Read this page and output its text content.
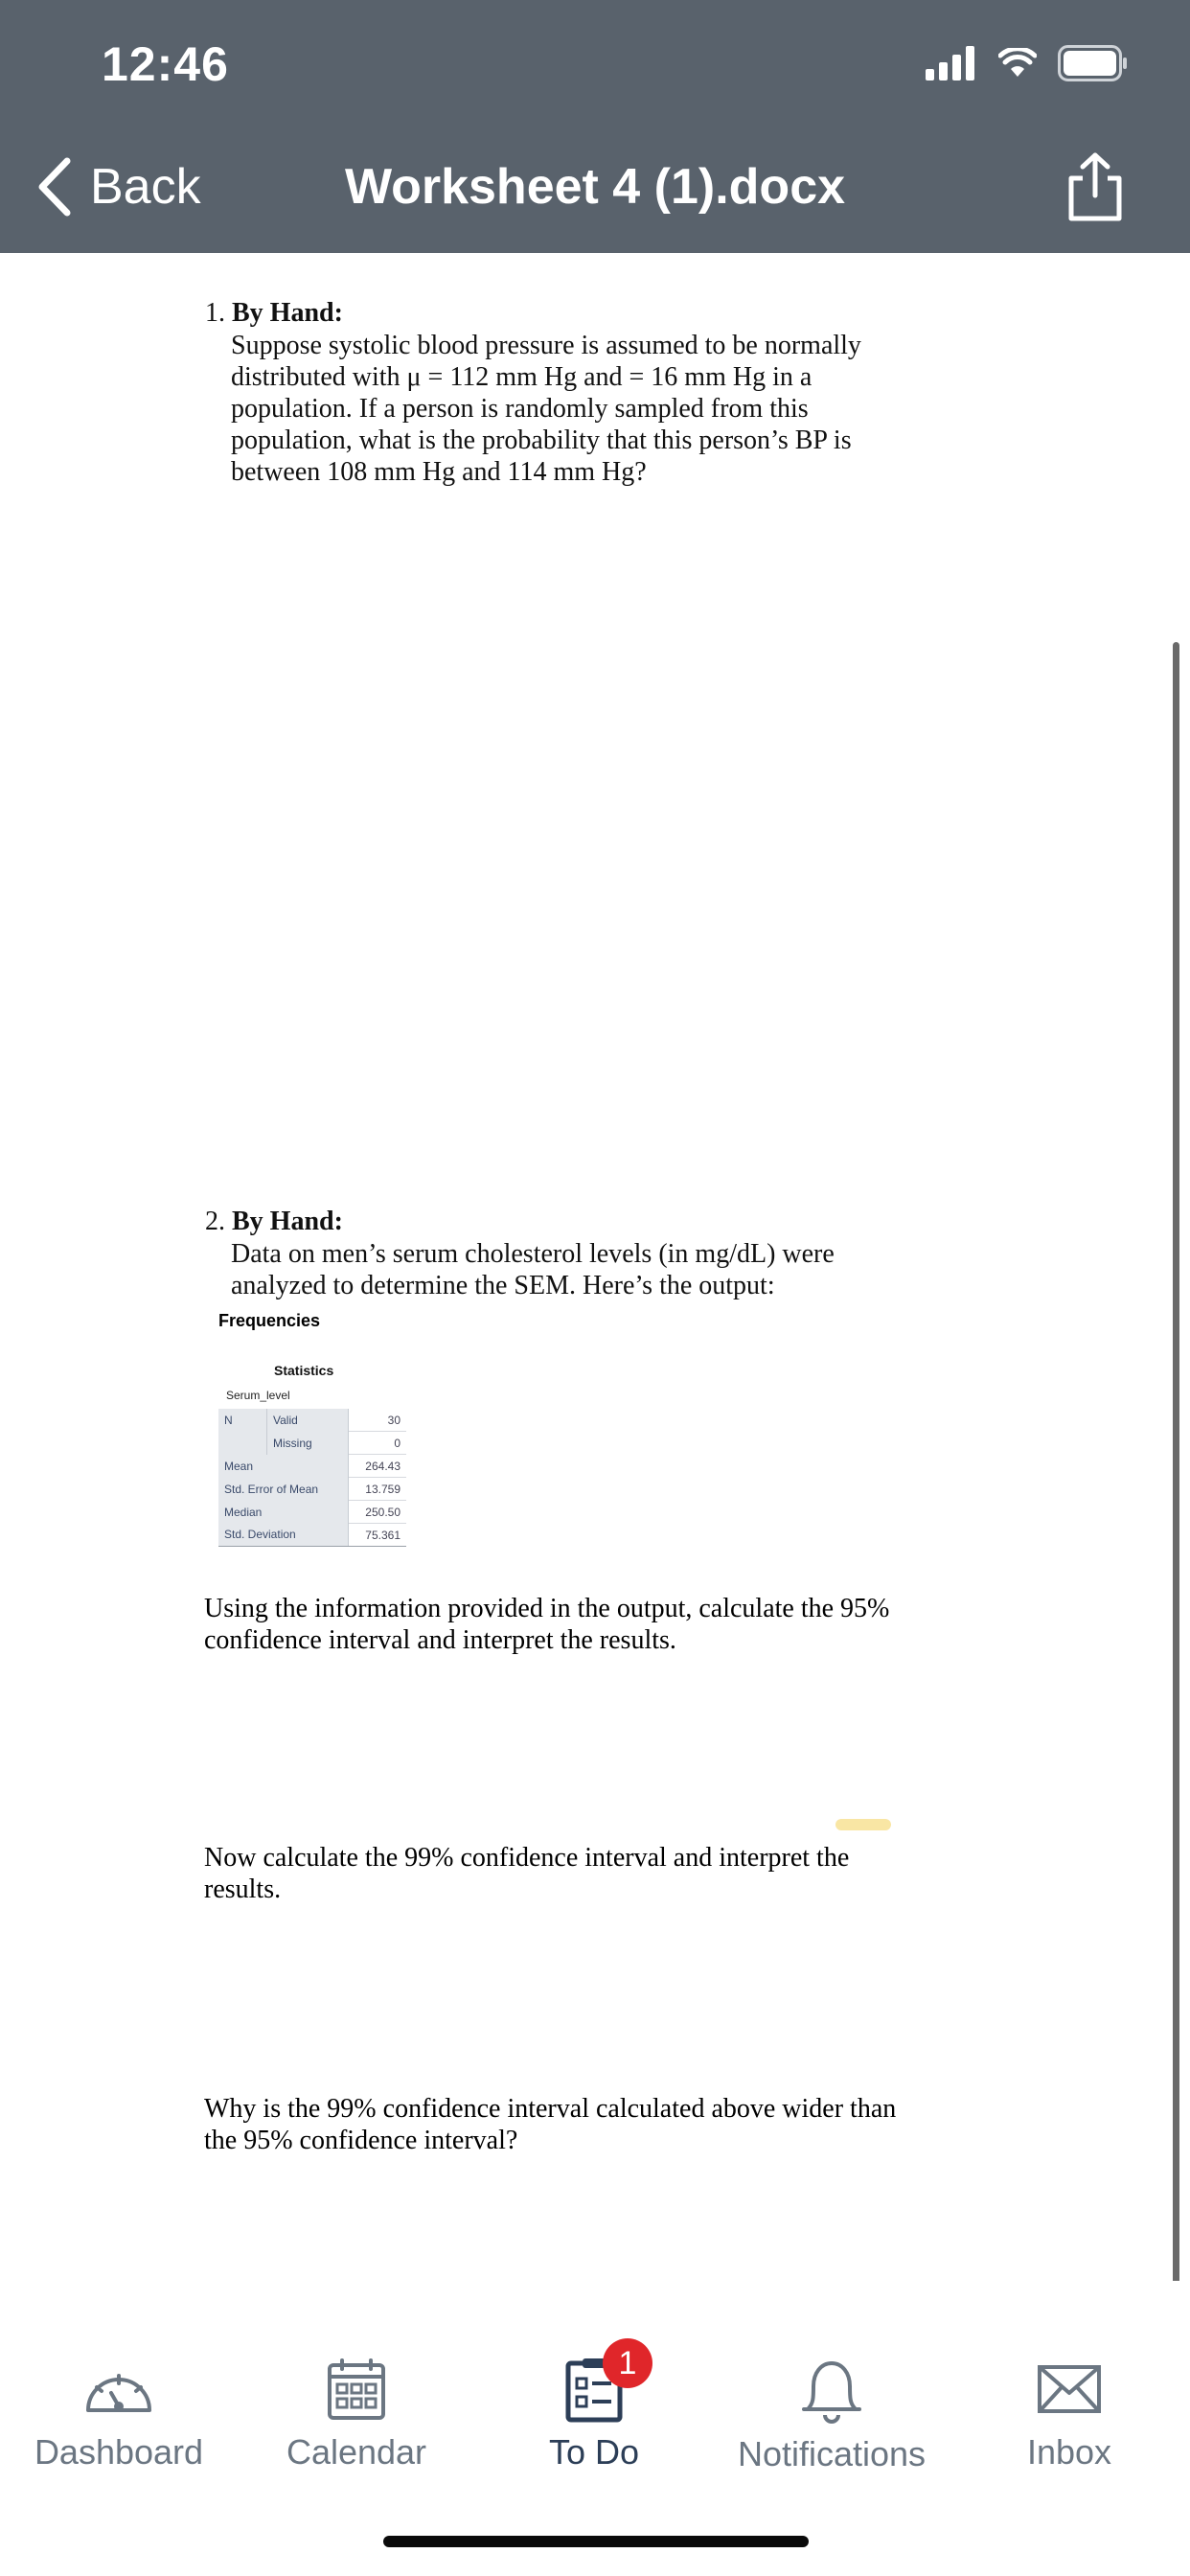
12:46
Back	Worksheet 4 (1).docx
1. By Hand:
Suppose systolic blood pressure is assumed to be normally
distributed with μ = 112 mm Hg and = 16 mm Hg in a
population. If a person is randomly sampled from this
population, what is the probability that this person’s BP is
between 108 mm Hg and 114 mm Hg?
2. By Hand:
Data on men’s serum cholesterol levels (in mg/dL) were
analyzed to determine the SEM. Here’s the output:
Frequencies
Statistics
Serum_level
N	Valid	30
	Missing	0
Mean		264.43
Std. Error of Mean		13.759
Median		250.50
Std. Deviation		75.361
Using the information provided in the output, calculate the 95%
confidence interval and interpret the results.
Now calculate the 99% confidence interval and interpret the
results.
Why is the 99% confidence interval calculated above wider than
the 95% confidence interval?
Dashboard Calendar
1
To Do	Notifications	Inbox
